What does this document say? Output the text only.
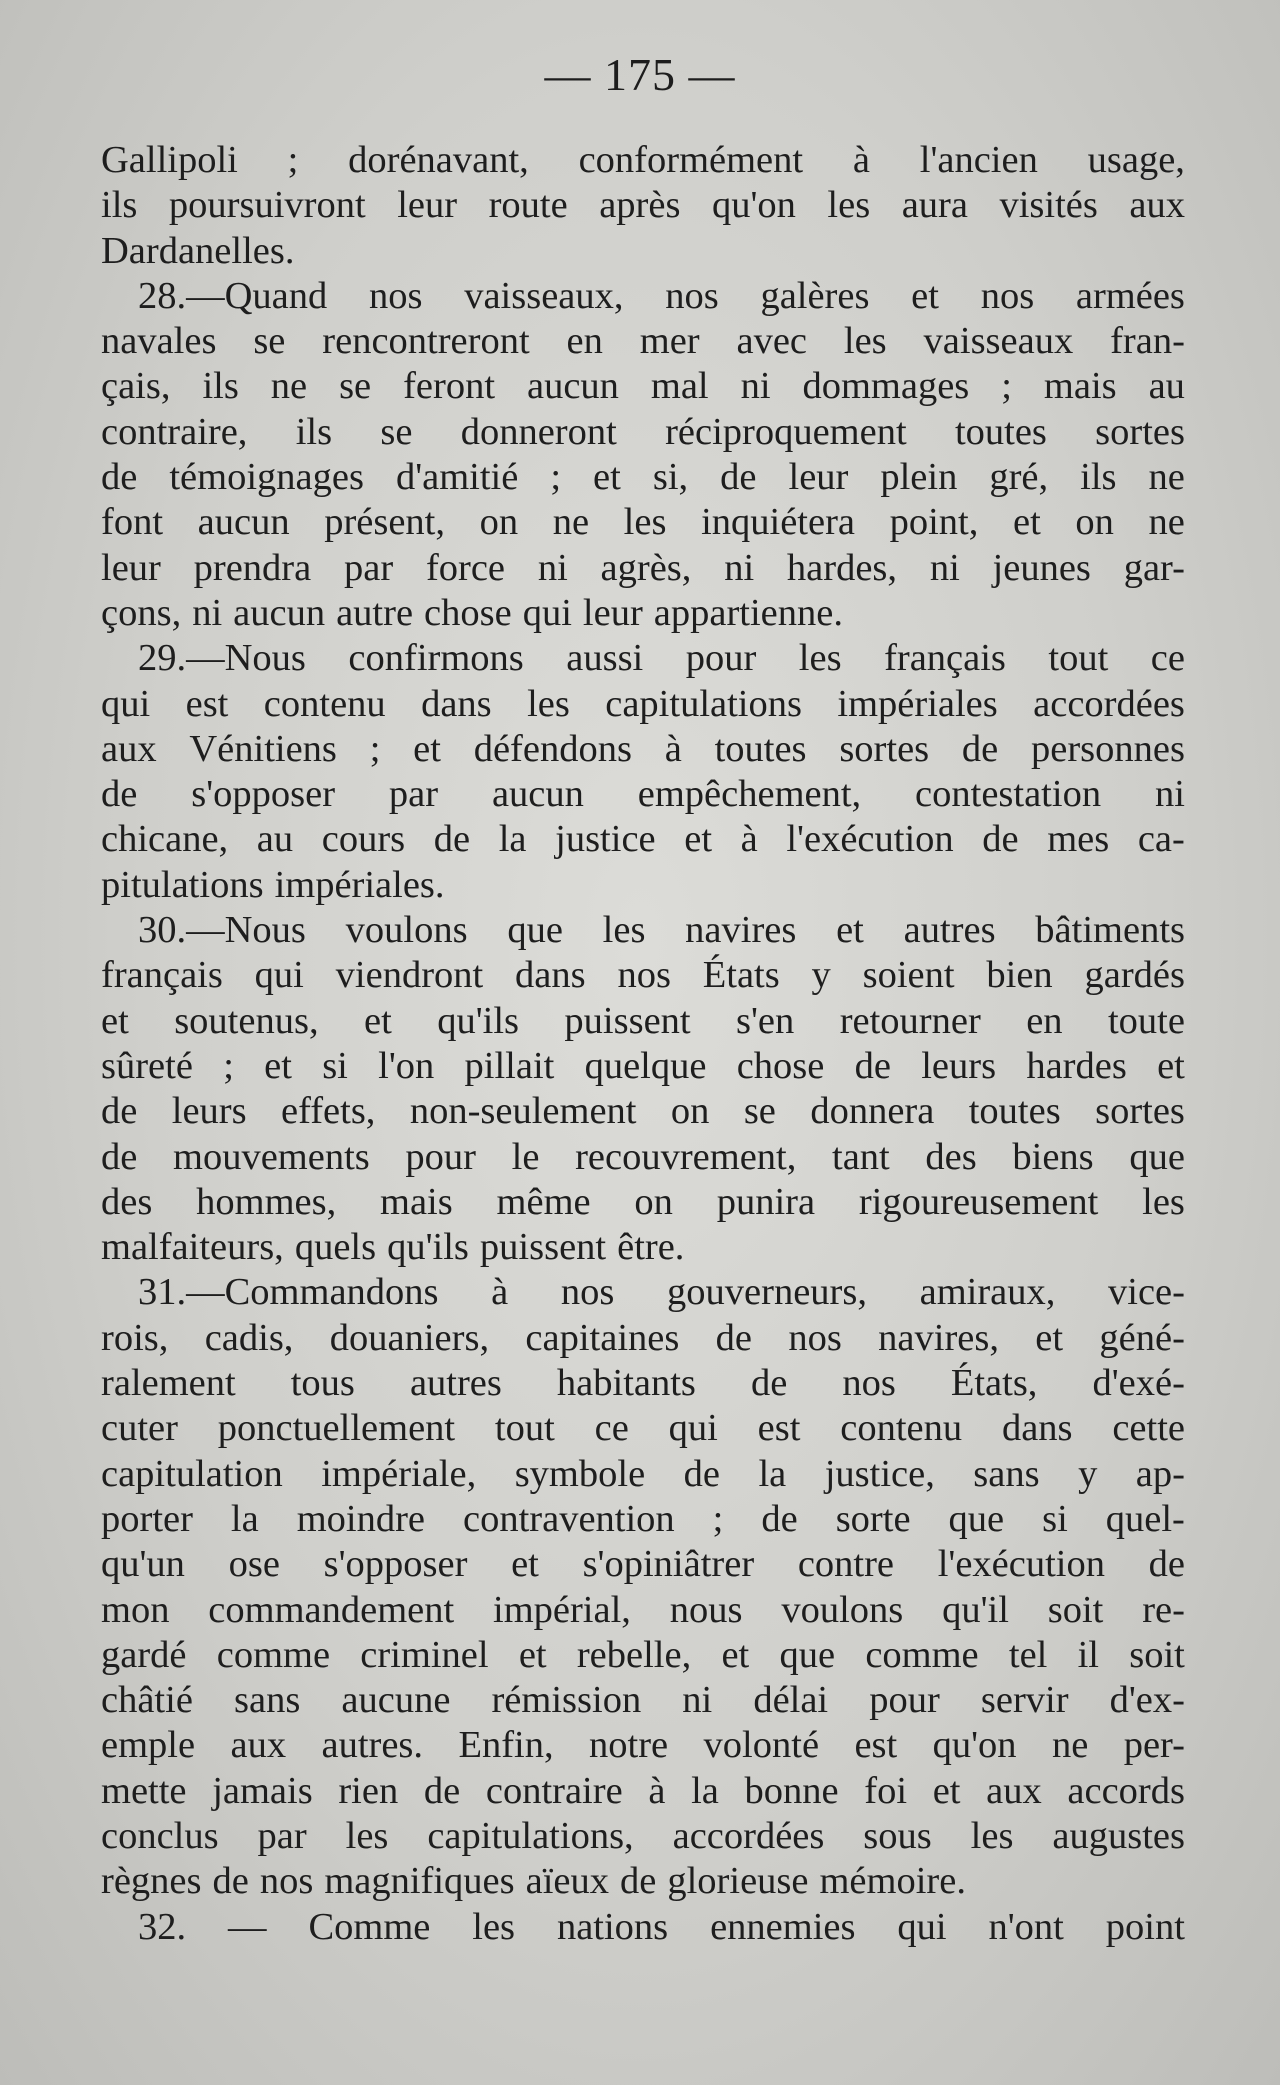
— 175 —
Gallipoli ; dorénavant, conformément à l'ancien usage,
ils poursuivront leur route après qu'on les aura visités aux
Dardanelles.
28.—Quand nos vaisseaux, nos galères et nos armées
navales se rencontreront en mer avec les vaisseaux fran-
çais, ils ne se feront aucun mal ni dommages ; mais au
contraire, ils se donneront réciproquement toutes sortes
de témoignages d'amitié ; et si, de leur plein gré, ils ne
font aucun présent, on ne les inquiétera point, et on ne
leur prendra par force ni agrès, ni hardes, ni jeunes gar-
çons, ni aucun autre chose qui leur appartienne.
29.—Nous confirmons aussi pour les français tout ce
qui est contenu dans les capitulations impériales accordées
aux Vénitiens ; et défendons à toutes sortes de personnes
de s'opposer par aucun empêchement, contestation ni
chicane, au cours de la justice et à l'exécution de mes ca-
pitulations impériales.
30.—Nous voulons que les navires et autres bâtiments
français qui viendront dans nos États y soient bien gardés
et soutenus, et qu'ils puissent s'en retourner en toute
sûreté ; et si l'on pillait quelque chose de leurs hardes et
de leurs effets, non-seulement on se donnera toutes sortes
de mouvements pour le recouvrement, tant des biens que
des hommes, mais même on punira rigoureusement les
malfaiteurs, quels qu'ils puissent être.
31.—Commandons à nos gouverneurs, amiraux, vice-
rois, cadis, douaniers, capitaines de nos navires, et géné-
ralement tous autres habitants de nos États, d'exé-
cuter ponctuellement tout ce qui est contenu dans cette
capitulation impériale, symbole de la justice, sans y ap-
porter la moindre contravention ; de sorte que si quel-
qu'un ose s'opposer et s'opiniâtrer contre l'exécution de
mon commandement impérial, nous voulons qu'il soit re-
gardé comme criminel et rebelle, et que comme tel il soit
châtié sans aucune rémission ni délai pour servir d'ex-
emple aux autres. Enfin, notre volonté est qu'on ne per-
mette jamais rien de contraire à la bonne foi et aux accords
conclus par les capitulations, accordées sous les augustes
règnes de nos magnifiques aïeux de glorieuse mémoire.
32. — Comme les nations ennemies qui n'ont point
